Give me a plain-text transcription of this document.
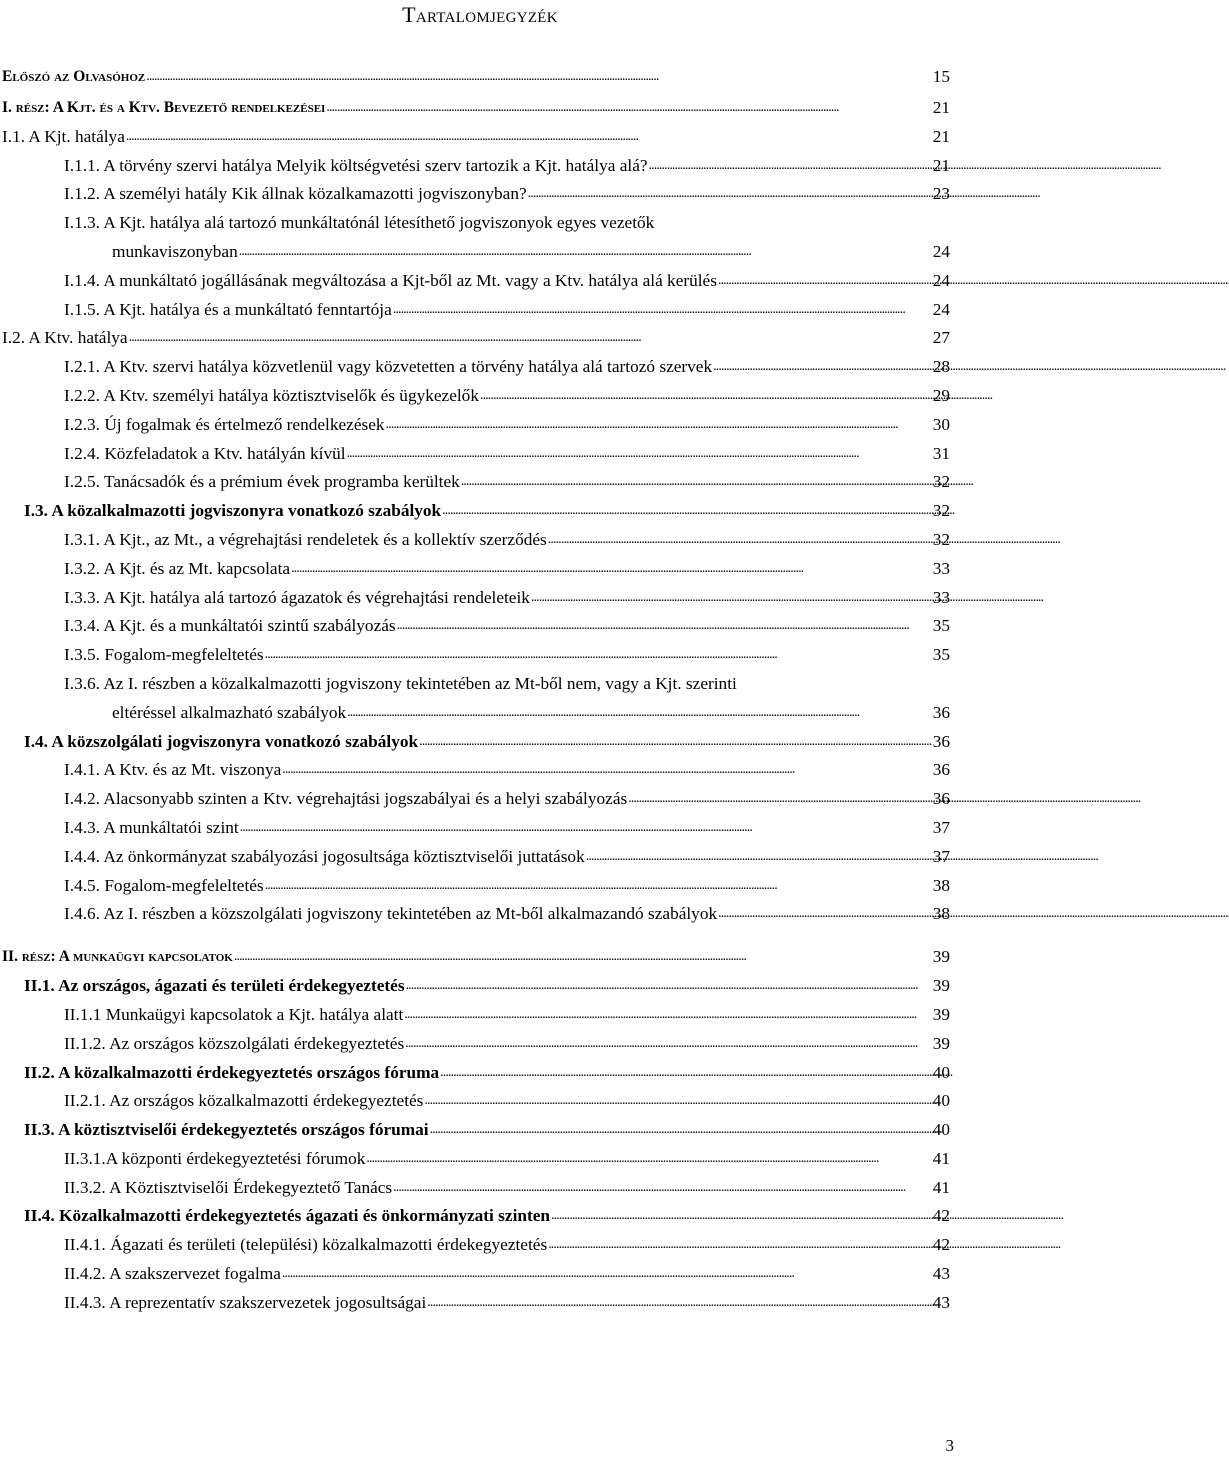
Tartalomjegyzék
Előszó az Olvasóhoz . . .	15
I. rész: A Kjt. és a Ktv. Bevezető rendelkezései . . .	21
I.1. A Kjt. hatálya . . .	21
I.1.1. A törvény szervi hatálya Melyik költségvetési szerv tartozik a Kjt. hatálya alá? . . .	21
I.1.2. A személyi hatály Kik állnak közalkamazotti jogviszonyban? . . .	23
I.1.3. A Kjt. hatálya alá tartozó munkáltatónál létesíthető jogviszonyok egyes vezetők
munkaviszonyban . . .	24
I.1.4. A munkáltató jogállásának megváltozása a Kjt-ből az Mt. vagy a Ktv. hatálya alá kerülés . . .	24
I.1.5. A Kjt. hatálya és a munkáltató fenntartója . . .	24
I.2. A Ktv. hatálya . . .	27
I.2.1. A Ktv. szervi hatálya közvetlenül vagy közvetetten a törvény hatálya alá tartozó szervek . . .	28
I.2.2. A Ktv. személyi hatálya köztisztviselők és ügykezelők . . .	29
I.2.3. Új fogalmak és értelmező rendelkezések . . .	30
I.2.4. Közfeladatok a Ktv. hatályán kívül . . .	31
I.2.5. Tanácsadók és a prémium évek programba kerültek . . .	32
I.3. A közalkalmazotti jogviszonyra vonatkozó szabályok . . .	32
I.3.1. A Kjt., az Mt., a végrehajtási rendeletek és a kollektív szerződés . . .	32
I.3.2. A Kjt. és az Mt. kapcsolata . . .	33
I.3.3. A Kjt. hatálya alá tartozó ágazatok és végrehajtási rendeleteik . . .	33
I.3.4. A Kjt. és a munkáltatói szintű szabályozás . . .	35
I.3.5. Fogalom-megfeleltetés . . .	35
I.3.6. Az I. részben a közalkalmazotti jogviszony tekintetében az Mt-ből nem, vagy a Kjt. szerinti
eltéréssel alkalmazható szabályok . . .	36
I.4. A közszolgálati jogviszonyra vonatkozó szabályok . . .	36
I.4.1. A Ktv. és az Mt. viszonya . . .	36
I.4.2. Alacsonyabb szinten a Ktv. végrehajtási jogszabályai és a helyi szabályozás . . .	36
I.4.3. A munkáltatói szint . . .	37
I.4.4. Az önkormányzat szabályozási jogosultsága köztisztviselői juttatások . . .	37
I.4.5. Fogalom-megfeleltetés . . .	38
I.4.6. Az I. részben a közszolgálati jogviszony tekintetében az Mt-ből alkalmazandó szabályok . . .	38
II. rész: A munkaügyi kapcsolatok . . .	39
II.1. Az országos, ágazati és területi érdekegyeztetés . . .	39
II.1.1 Munkaügyi kapcsolatok a Kjt. hatálya alatt . . .	39
II.1.2. Az országos közszolgálati érdekegyeztetés . . .	39
II.2. A közalkalmazotti érdekegyeztetés országos fóruma . . .	40
II.2.1. Az országos közalkalmazotti érdekegyeztetés . . .	40
II.3. A köztisztviselői érdekegyeztetés országos fórumai . . .	40
II.3.1.A központi érdekegyeztetési fórumok . . .	41
II.3.2. A Köztisztviselői Érdekegyeztető Tanács . . .	41
II.4. Közalkalmazotti érdekegyeztetés ágazati és önkormányzati szinten . . .	42
II.4.1. Ágazati és területi (települési) közalkalmazotti érdekegyeztetés . . .	42
II.4.2. A szakszervezet fogalma . . .	43
II.4.3. A reprezentatív szakszervezetek jogosultságai . . .	43
3
